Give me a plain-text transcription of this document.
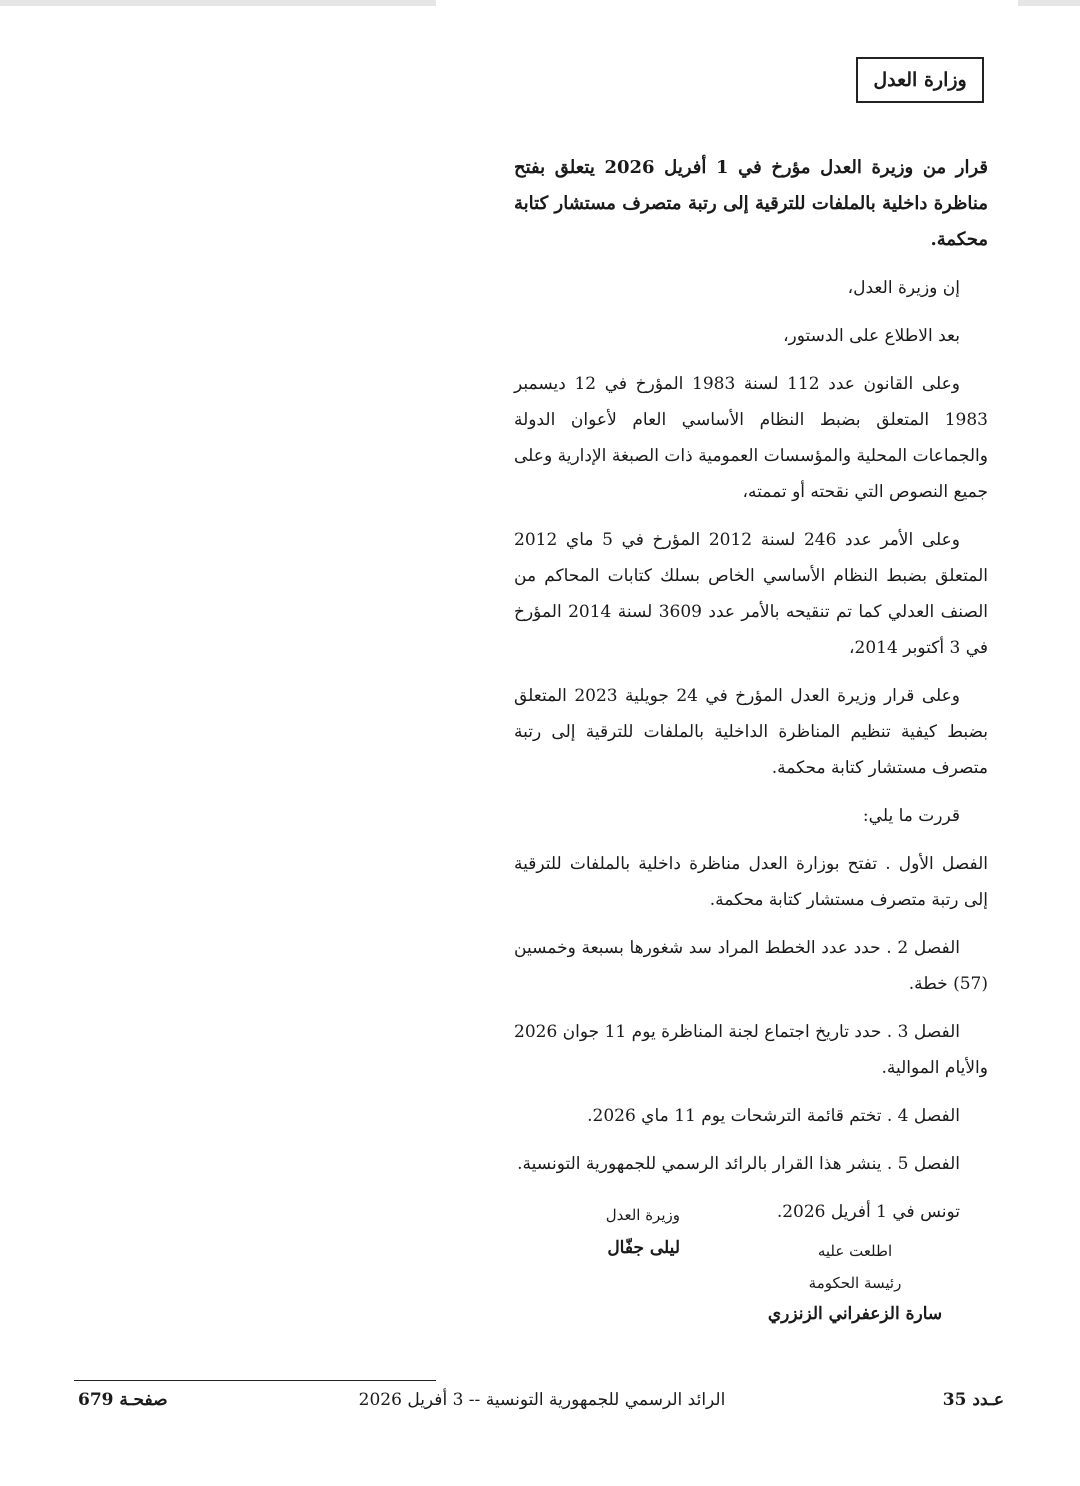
وزارة العدل

قرار من وزيرة العدل مؤرخ في 1 أفريل 2026 يتعلق بفتح مناظرة داخلية بالملفات للترقية إلى رتبة متصرف مستشار كتابة محكمة.

إن وزيرة العدل،

بعد الاطلاع على الدستور،

وعلى القانون عدد 112 لسنة 1983 المؤرخ في 12 ديسمبر 1983 المتعلق بضبط النظام الأساسي العام لأعوان الدولة والجماعات المحلية والمؤسسات العمومية ذات الصبغة الإدارية وعلى جميع النصوص التي نقحته أو تممته،

وعلى الأمر عدد 246 لسنة 2012 المؤرخ في 5 ماي 2012 المتعلق بضبط النظام الأساسي الخاص بسلك كتابات المحاكم من الصنف العدلي كما تم تنقيحه بالأمر عدد 3609 لسنة 2014 المؤرخ في 3 أكتوبر 2014،

وعلى قرار وزيرة العدل المؤرخ في 24 جويلية 2023 المتعلق بضبط كيفية تنظيم المناظرة الداخلية بالملفات للترقية إلى رتبة متصرف مستشار كتابة محكمة.

قررت ما يلي:

الفصل الأول . تفتح بوزارة العدل مناظرة داخلية بالملفات للترقية إلى رتبة متصرف مستشار كتابة محكمة.

الفصل 2 . حدد عدد الخطط المراد سد شغورها بسبعة وخمسين (57) خطة.

الفصل 3 . حدد تاريخ اجتماع لجنة المناظرة يوم 11 جوان 2026 والأيام الموالية.

الفصل 4 . تختم قائمة الترشحات يوم 11 ماي 2026.

الفصل 5 . ينشر هذا القرار بالرائد الرسمي للجمهورية التونسية.

تونس في 1 أفريل 2026.

وزيرة العدل
ليلى جفّال	اطلعت عليه
رئيسة الحكومة
سارة الزعفراني الزنزري
عـدد 35
الرائد الرسمي للجمهورية التونسية -- 3 أفريل 2026
صفحـة 679
